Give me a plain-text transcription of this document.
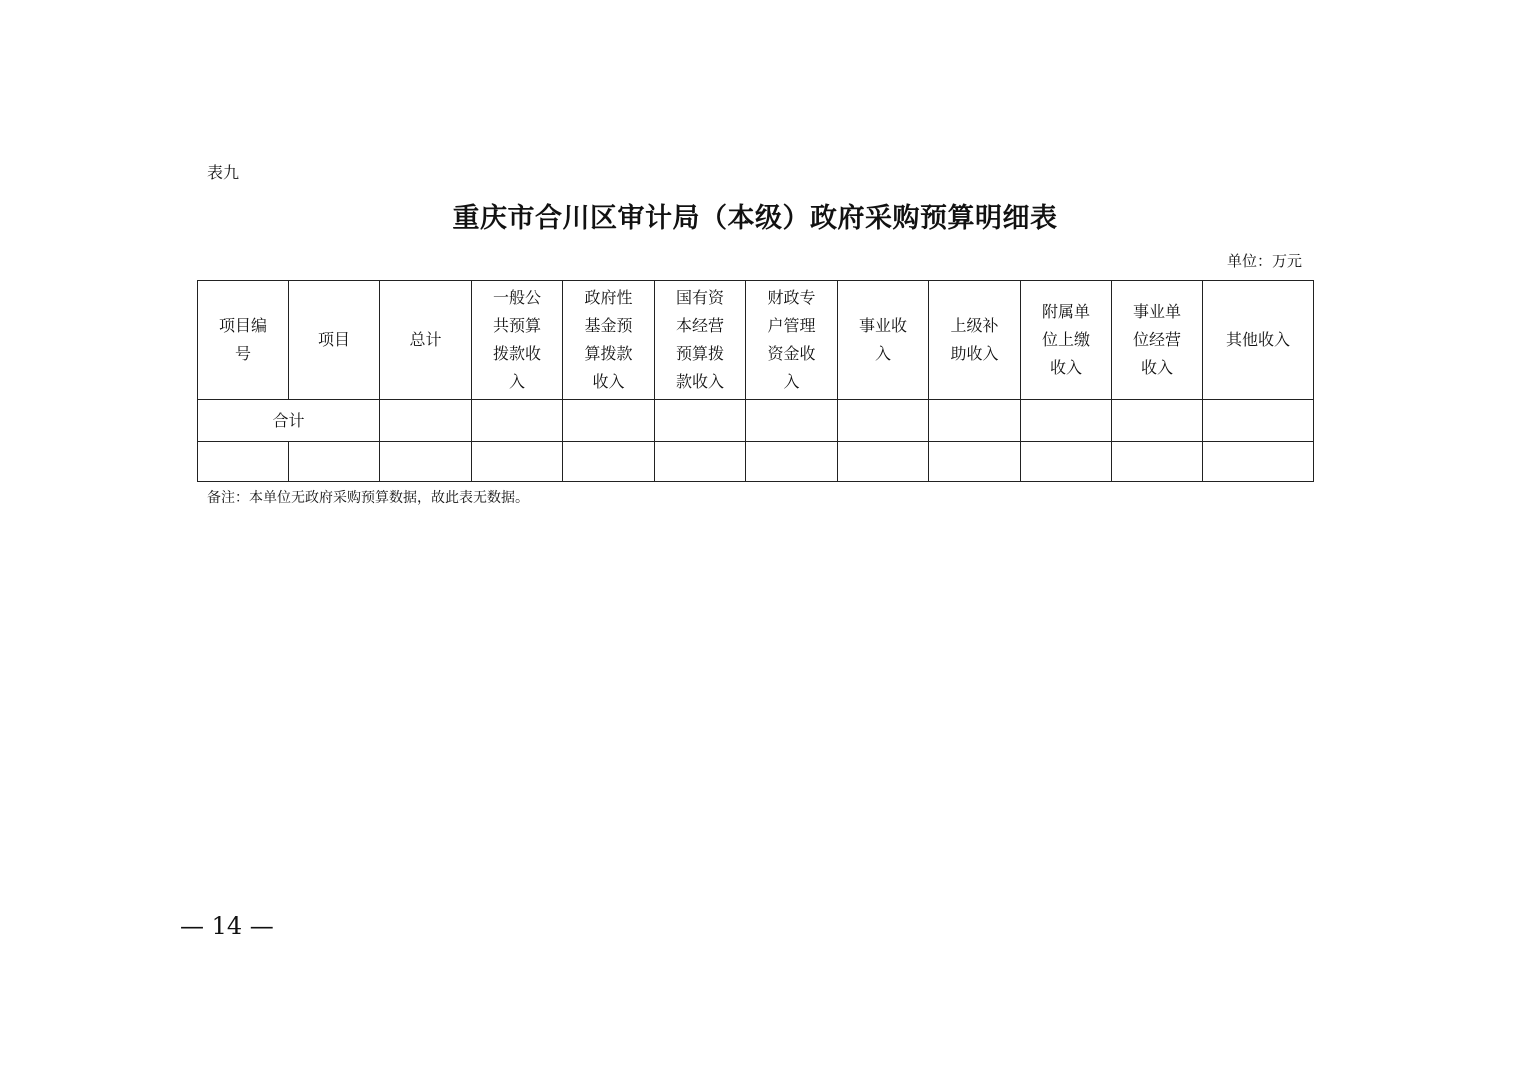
表九
重庆市合川区审计局（本级）政府采购预算明细表
单位：万元
项目编号	项目	总计	一般公共预算拨款收入	政府性基金预算拨款收入	国有资本经营预算拨款收入	财政专户管理资金收入	事业收入	上级补助收入	附属单位上缴收入	事业单位经营收入	其他收入
合计											

备注：本单位无政府采购预算数据，故此表无数据。
— 14 —
